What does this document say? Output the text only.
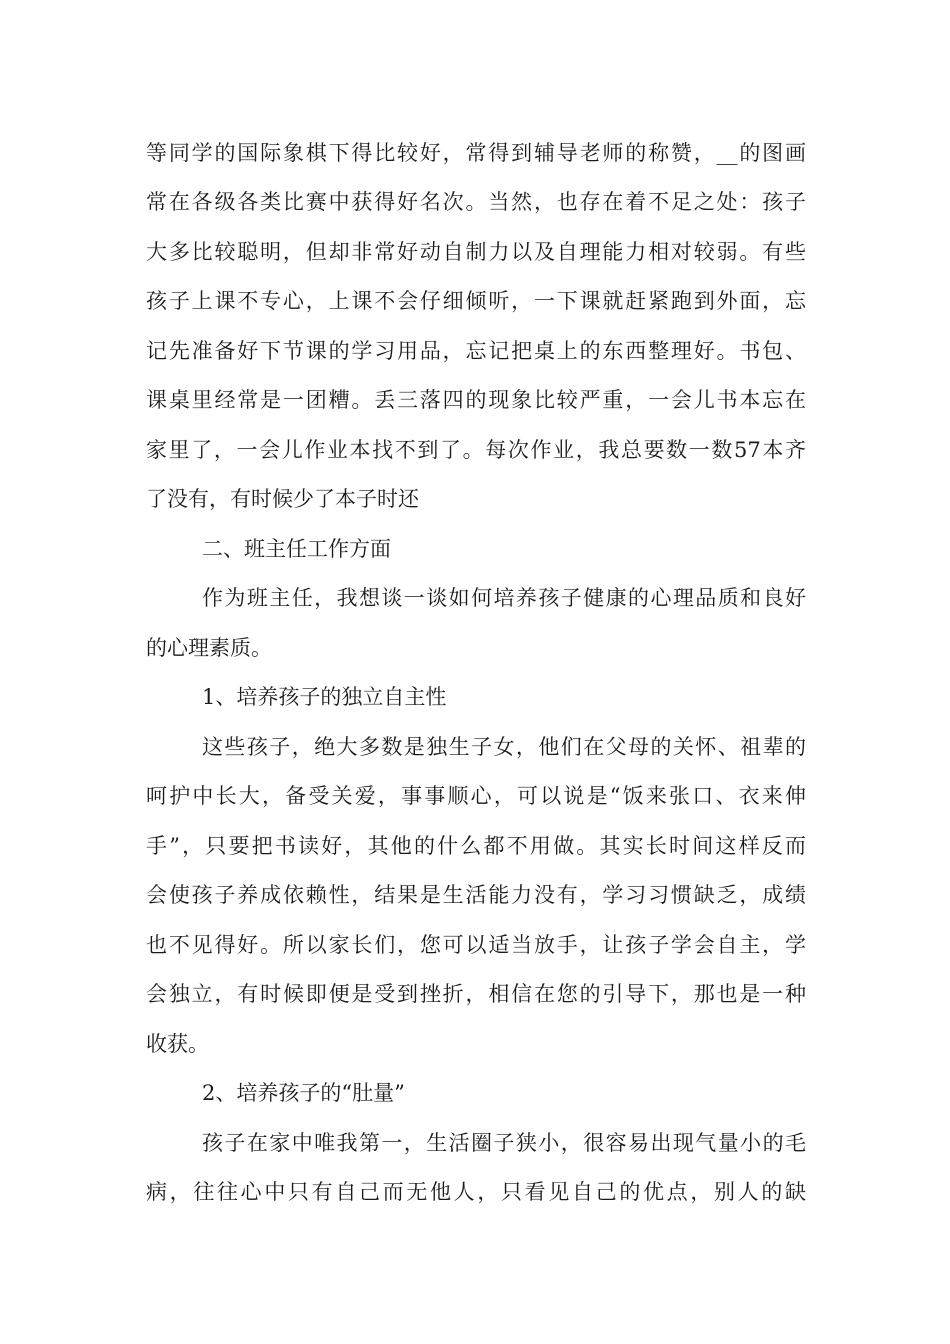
等同学的国际象棋下得比较好，常得到辅导老师的称赞，__的图画
常在各级各类比赛中获得好名次。当然，也存在着不足之处：孩子
大多比较聪明，但却非常好动自制力以及自理能力相对较弱。有些
孩子上课不专心，上课不会仔细倾听，一下课就赶紧跑到外面，忘
记先准备好下节课的学习用品，忘记把桌上的东西整理好。书包、
课桌里经常是一团糟。丢三落四的现象比较严重，一会儿书本忘在
家里了，一会儿作业本找不到了。每次作业，我总要数一数57本齐
了没有，有时候少了本子时还
二、班主任工作方面
作为班主任，我想谈一谈如何培养孩子健康的心理品质和良好
的心理素质。
1、培养孩子的独立自主性
这些孩子，绝大多数是独生子女，他们在父母的关怀、祖辈的
呵护中长大，备受关爱，事事顺心，可以说是“饭来张口、衣来伸
手”，只要把书读好，其他的什么都不用做。其实长时间这样反而
会使孩子养成依赖性，结果是生活能力没有，学习习惯缺乏，成绩
也不见得好。所以家长们，您可以适当放手，让孩子学会自主，学
会独立，有时候即便是受到挫折，相信在您的引导下，那也是一种
收获。
2、培养孩子的“肚量”
孩子在家中唯我第一，生活圈子狭小，很容易出现气量小的毛
病，往往心中只有自己而无他人，只看见自己的优点，别人的缺
